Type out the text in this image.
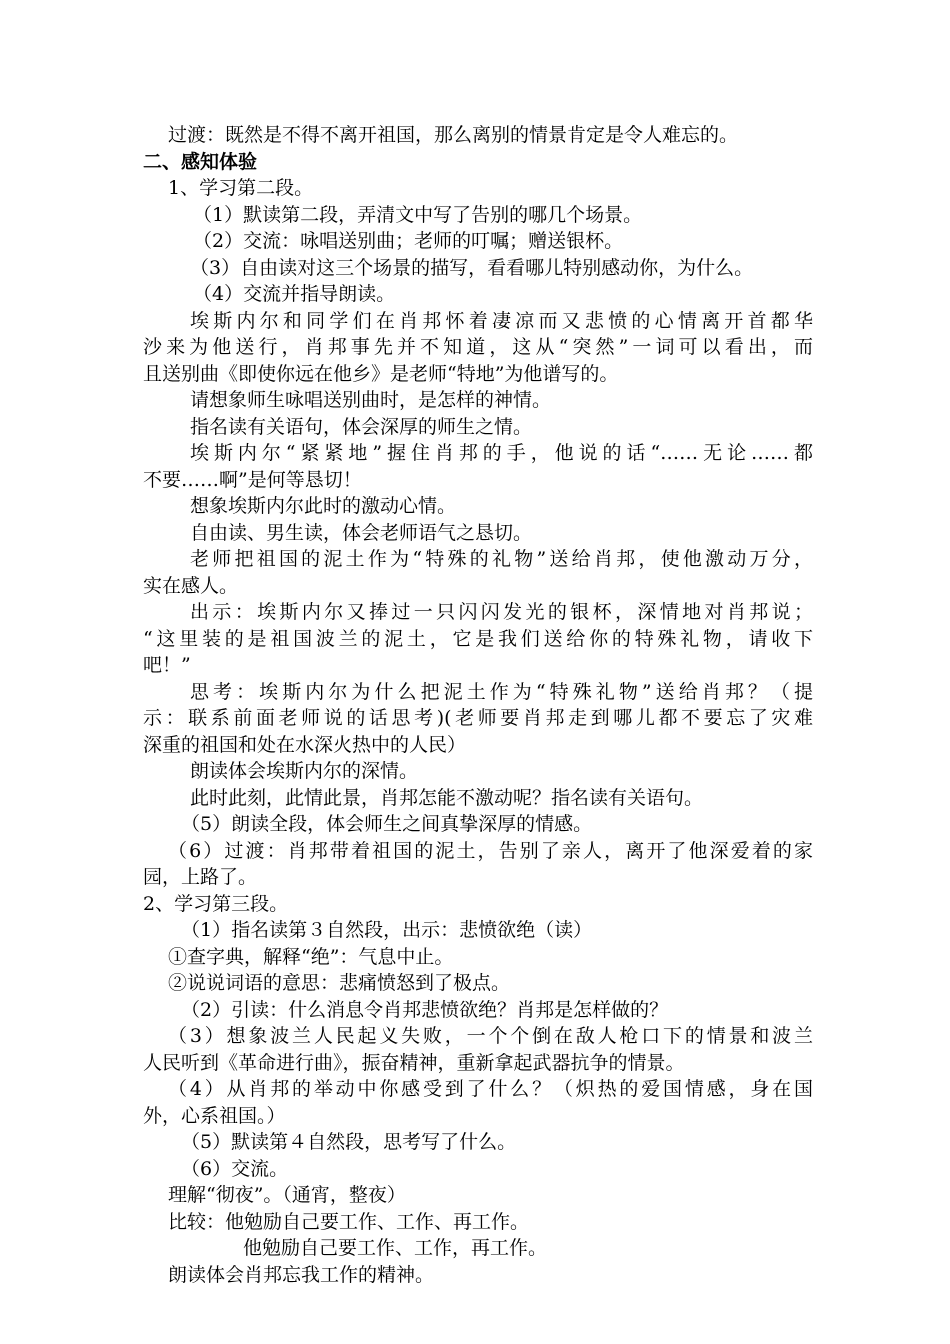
过渡：既然是不得不离开祖国，那么离别的情景肯定是令人难忘的。
二、感知体验
1、学习第二段。
（1）默读第二段，弄清文中写了告别的哪几个场景。
（2）交流：咏唱送别曲；老师的叮嘱；赠送银杯。
（3）自由读对这三个场景的描写，看看哪儿特别感动你，为什么。
（4）交流并指导朗读。
埃斯内尔和同学们在肖邦怀着凄凉而又悲愤的心情离开首都华
沙来为他送行，肖邦事先并不知道，这从“突然”一词可以看出，而
且送别曲《即使你远在他乡》是老师“特地”为他谱写的。
请想象师生咏唱送别曲时，是怎样的神情。
指名读有关语句，体会深厚的师生之情。
埃斯内尔“紧紧地”握住肖邦的手，他说的话“……无论……都
不要……啊”是何等恳切！
想象埃斯内尔此时的激动心情。
自由读、男生读，体会老师语气之恳切。
老师把祖国的泥土作为“特殊的礼物”送给肖邦，使他激动万分，
实在感人。
出示：埃斯内尔又捧过一只闪闪发光的银杯，深情地对肖邦说；
“这里装的是祖国波兰的泥土，它是我们送给你的特殊礼物，请收下
吧！”
思考：埃斯内尔为什么把泥土作为“特殊礼物”送给肖邦？（提
示：联系前面老师说的话思考)(老师要肖邦走到哪儿都不要忘了灾难
深重的祖国和处在水深火热中的人民）
朗读体会埃斯内尔的深情。
此时此刻，此情此景，肖邦怎能不激动呢？指名读有关语句。
（5）朗读全段，体会师生之间真挚深厚的情感。
（6）过渡：肖邦带着祖国的泥土，告别了亲人，离开了他深爱着的家
园，上路了。
2、学习第三段。
（1）指名读第３自然段，出示：悲愤欲绝（读）
①查字典，解释“绝”：气息中止。
②说说词语的意思：悲痛愤怒到了极点。
（2）引读：什么消息令肖邦悲愤欲绝？肖邦是怎样做的？
（3）想象波兰人民起义失败，一个个倒在敌人枪口下的情景和波兰
人民听到《革命进行曲》，振奋精神，重新拿起武器抗争的情景。
（4）从肖邦的举动中你感受到了什么？（炽热的爱国情感，身在国
外，心系祖国。）
（5）默读第４自然段，思考写了什么。
（6）交流。
理解“彻夜”。（通宵，整夜）
比较：他勉励自己要工作、工作、再工作。
他勉励自己要工作、工作，再工作。
朗读体会肖邦忘我工作的精神。
